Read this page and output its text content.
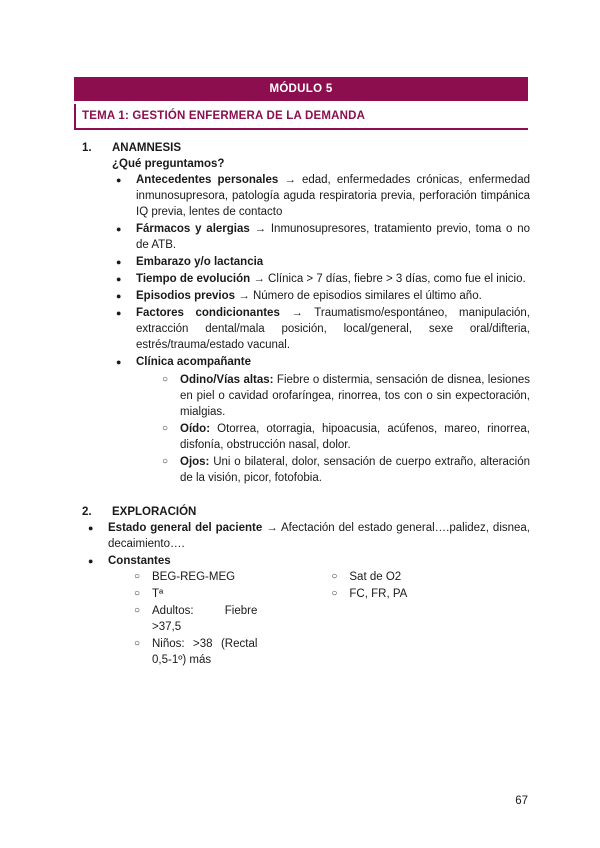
MÓDULO 5
TEMA 1: GESTIÓN ENFERMERA DE LA DEMANDA
1.	ANAMNESIS
¿Qué preguntamos?
● Antecedentes personales → edad, enfermedades crónicas, enfermedad inmunosupresora, patología aguda respiratoria previa, perforación timpánica IQ previa, lentes de contacto
● Fármacos y alergias → Inmunosupresores, tratamiento previo, toma o no de ATB.
● Embarazo y/o lactancia
● Tiempo de evolución → Clínica > 7 días, fiebre > 3 días, como fue el inicio.
● Episodios previos → Número de episodios similares el último año.
● Factores condicionantes → Traumatismo/espontáneo, manipulación, extracción dental/mala posición, local/general, sexe oral/difteria, estrés/trauma/estado vacunal.
● Clínica acompañante
○ Odino/Vías altas: Fiebre o distermia, sensación de disnea, lesiones en piel o cavidad orofaríngea, rinorrea, tos con o sin expectoración, mialgias.
○ Oído: Otorrea, otorragia, hipoacusia, acúfenos, mareo, rinorrea, disfonía, obstrucción nasal, dolor.
○ Ojos: Uni o bilateral, dolor, sensación de cuerpo extraño, alteración de la visión, picor, fotofobia.
2.	EXPLORACIÓN
● Estado general del paciente → Afectación del estado general….palidez, disnea, decaimiento….
● Constantes
○ BEG-REG-MEG
○ Tª
○ Adultos: Fiebre >37,5
○ Niños: >38 (Rectal 0,5-1º) más
○ Sat de O2
○ FC, FR, PA
67
